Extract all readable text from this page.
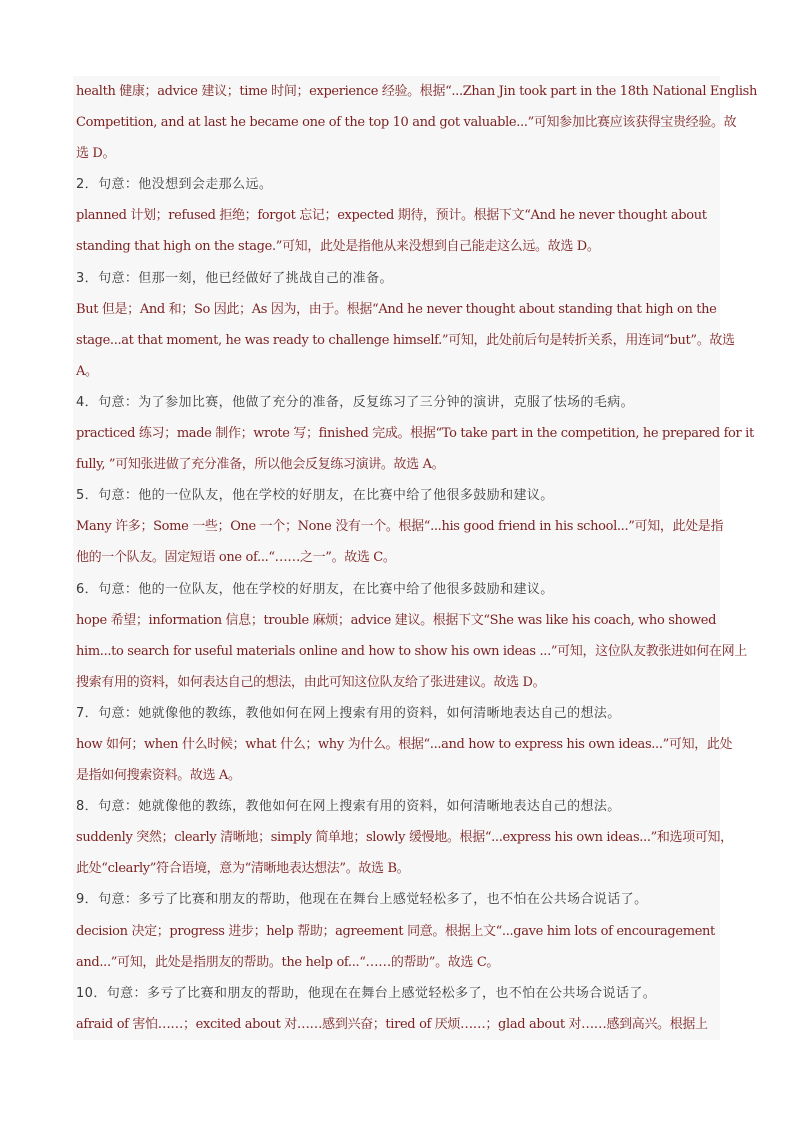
health 健康；advice 建议；time 时间；experience 经验。根据“...Zhan Jin took part in the 18th National English
Competition, and at last he became one of the top 10 and got valuable...”可知参加比赛应该获得宝贵经验。故
选 D。
2．句意：他没想到会走那么远。
planned 计划；refused 拒绝；forgot 忘记；expected 期待，预计。根据下文“And he never thought about
standing that high on the stage.”可知，此处是指他从来没想到自己能走这么远。故选 D。
3．句意：但那一刻，他已经做好了挑战自己的准备。
But 但是；And 和；So 因此；As 因为，由于。根据“And he never thought about standing that high on the
stage...at that moment, he was ready to challenge himself.”可知，此处前后句是转折关系，用连词“but”。故选
A。
4．句意：为了参加比赛，他做了充分的准备，反复练习了三分钟的演讲，克服了怯场的毛病。
practiced 练习；made 制作；wrote 写；finished 完成。根据“To take part in the competition, he prepared for it
fully, ”可知张进做了充分准备，所以他会反复练习演讲。故选 A。
5．句意：他的一位队友，他在学校的好朋友，在比赛中给了他很多鼓励和建议。
Many 许多；Some 一些；One 一个；None 没有一个。根据“...his good friend in his school...”可知，此处是指
他的一个队友。固定短语 one of...“……之一”。故选 C。
6．句意：他的一位队友，他在学校的好朋友，在比赛中给了他很多鼓励和建议。
hope 希望；information 信息；trouble 麻烦；advice 建议。根据下文“She was like his coach, who showed
him...to search for useful materials online and how to show his own ideas ...”可知，这位队友教张进如何在网上
搜索有用的资料，如何表达自己的想法，由此可知这位队友给了张进建议。故选 D。
7．句意：她就像他的教练，教他如何在网上搜索有用的资料，如何清晰地表达自己的想法。
how 如何；when 什么时候；what 什么；why 为什么。根据“...and how to express his own ideas...”可知，此处
是指如何搜索资料。故选 A。
8．句意：她就像他的教练，教他如何在网上搜索有用的资料，如何清晰地表达自己的想法。
suddenly 突然；clearly 清晰地；simply 简单地；slowly 缓慢地。根据“...express his own ideas...”和选项可知，
此处“clearly”符合语境，意为“清晰地表达想法”。故选 B。
9．句意：多亏了比赛和朋友的帮助，他现在在舞台上感觉轻松多了，也不怕在公共场合说话了。
decision 决定；progress 进步；help 帮助；agreement 同意。根据上文“...gave him lots of encouragement
and...”可知，此处是指朋友的帮助。the help of...“……的帮助”。故选 C。
10．句意：多亏了比赛和朋友的帮助，他现在在舞台上感觉轻松多了，也不怕在公共场合说话了。
afraid of 害怕……；excited about 对……感到兴奋；tired of 厌烦……；glad about 对……感到高兴。根据上
